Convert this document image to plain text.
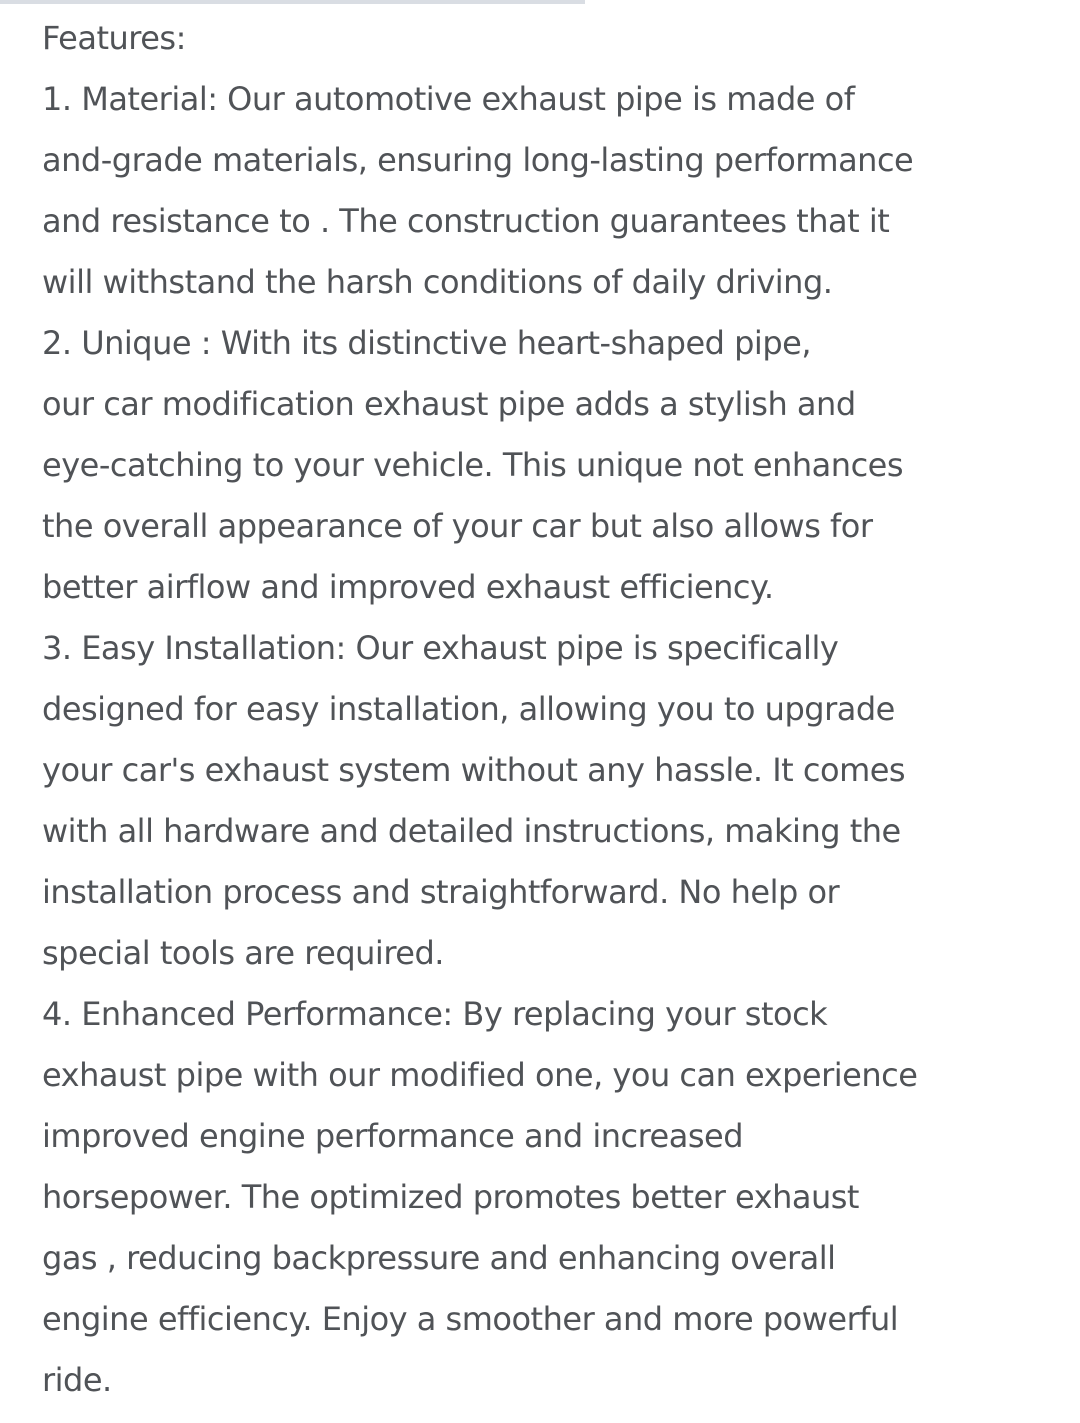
Features:

1. Material: Our automotive exhaust pipe is made of

and-grade materials, ensuring long-lasting performance

and resistance to . The construction guarantees that it

will withstand the harsh conditions of daily driving.

2. Unique : With its distinctive heart-shaped pipe,

our car modification exhaust pipe adds a stylish and

eye-catching to your vehicle. This unique not enhances

the overall appearance of your car but also allows for

better airflow and improved exhaust efficiency.

3. Easy Installation: Our exhaust pipe is specifically

designed for easy installation, allowing you to upgrade

your car's exhaust system without any hassle. It comes

with all hardware and detailed instructions, making the

installation process and straightforward. No help or

special tools are required.

4. Enhanced Performance: By replacing your stock

exhaust pipe with our modified one, you can experience

improved engine performance and increased

horsepower. The optimized promotes better exhaust

gas , reducing backpressure and enhancing overall

engine efficiency. Enjoy a smoother and more powerful

ride.
